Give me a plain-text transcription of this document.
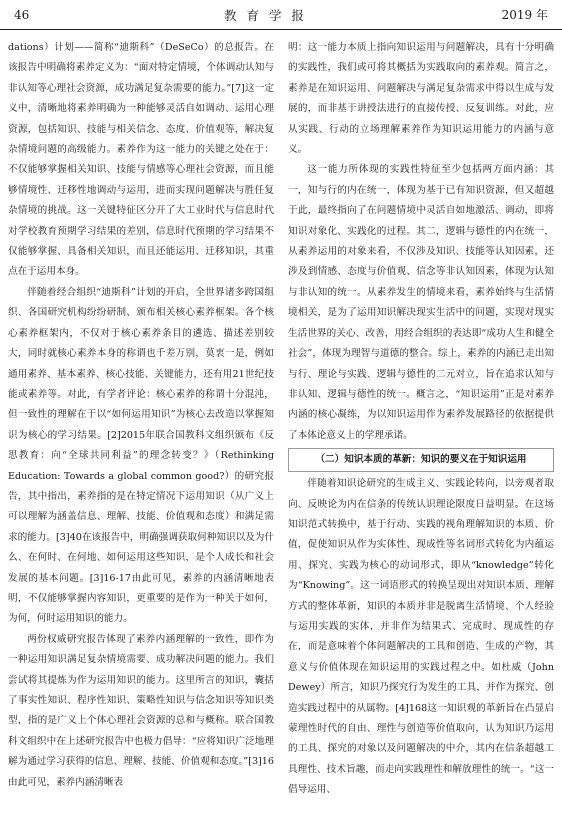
46	教 育 学 报	2019 年

dations）计划——简称“迪斯科”（DeSeCo）的总报告。在该报告中明确将素养定义为：“面对特定情境，个体调动认知与非认知等心理社会资源，成功满足复杂需要的能力。”[7]这一定义中，清晰地将素养明确为一种能够灵活自如调动、运用心理资源，包括知识、技能与相关信念、态度、价值观等，解决复杂情境问题的高级能力。素养作为这一能力的关键之处在于：不仅能够掌握相关知识、技能与情感等心理社会资源，而且能够情境性、迁移性地调动与运用，进而实现问题解决与胜任复杂情境的挑战。这一关键特征区分开了大工业时代与信息时代对学校教育预期学习结果的差别，信息时代预期的学习结果不仅能够掌握、具备相关知识，而且还能运用、迁移知识，其重点在于运用本身。

伴随着经合组织“迪斯科”计划的开启，全世界诸多跨国组织、各国研究机构纷纷研制、颁布相关核心素养框架。各个核心素养框架内，不仅对于核心素养条目的遴选、描述差别较大，同时就核心素养本身的称谓也千差万别，莫衷一是，例如通用素养、基本素养、核心技能、关键能力，还有用21世纪技能或素养等。对此，有学者评论：核心素养的称谓十分混沌，但一致性的理解在于以“如何运用知识”为核心去改造以掌握知识为核心的学习结果。[2]2015年联合国教科文组织颁布《反思教育：向“全球共同利益”的理念转变？》（Rethinking Education: Towards a global common good?）的研究报告，其中指出，素养指的是在特定情况下运用知识（从广义上可以理解为涵盖信息、理解、技能、价值观和态度）和满足需求的能力。[3]40在该报告中，明确强调获取何种知识以及为什么、在何时、在何地、如何运用这些知识，是个人成长和社会发展的基本问题。[3]16-17由此可见，素养的内涵清晰地表明，不仅能够掌握内容知识，更重要的是作为一种关于如何，为何，何时运用知识的能力。

两份权威研究报告体现了素养内涵理解的一致性，即作为一种运用知识满足复杂情境需要、成功解决问题的能力。我们尝试将其提炼为作为运用知识的能力。这里所言的知识，囊括了事实性知识、程序性知识、策略性知识与信念知识等知识类型，指的是广义上个体心理社会资源的总和与概称。联合国教科文组织中在上述研究报告中也极力倡导：“应将知识广泛地理解为通过学习获得的信息、理解、技能、价值观和态度。”[3]16由此可见，素养内涵清晰表

明：这一能力本质上指向知识运用与问题解决，具有十分明确的实践性，我们或可将其概括为实践取向的素养观。简言之，素养是在知识运用、问题解决与满足复杂需求中得以生成与发展的，而非基于讲授法进行的直接传授、反复训练。对此，应从实践、行动的立场理解素养作为知识运用能力的内涵与意义。

这一能力所体现的实践性特征至少包括两方面内涵：其一，知与行的内在统一，体现为基于已有知识资源，但又超越于此，最终指向了在问题情境中灵活自如地激活、调动，即将知识对象化、实践化的过程。其二，逻辑与德性的内在统一，从素养运用的对象来看，不仅涉及知识、技能等认知因素，还涉及到情感、态度与价值观、信念等非认知因素，体现为认知与非认知的统一。从素养发生的情境来看，素养始终与生活情境相关，是为了运用知识解决现实生活中的问题，实现对现实生活世界的关心、改善，用经合组织的表达即“成功人生和健全社会”，体现为理智与道德的整合。综上，素养的内涵已走出知与行、理论与实践、逻辑与德性的二元对立，旨在追求认知与非认知、逻辑与德性的统一。概言之，“知识运用”正是对素养内涵的核心凝练，为以知识运用作为素养发展路径的依据提供了本体论意义上的学理承诺。

（二）知识本质的革新：知识的要义在于知识运用

伴随着知识论研究的生成主义、实践论转向，以旁观者取向、反映论为内在信条的传统认识理论限度日益明显。在这场知识范式转换中，基于行动、实践的视角理解知识的本质、价值，促使知识从作为实体性、现成性等名词形式转化为内蕴运用、探究、实践为核心的动词形式，即从“knowledge”转化为“Knowing”。这一词语形式的转换呈现出对知识本质、理解方式的整体革新，知识的本质并非是脱离生活情境、个人经验与运用实践的实体，并非作为结果式、完成时、现成性的存在，而是意味着个体问题解决的工具和创造、生成的产物，其意义与价值体现在知识运用的实践过程之中。如杜威（John Dewey）所言，知识乃探究行为发生的工具，并作为探究、创造实践过程中的从属物。[4]168这一知识观的革新旨在凸显启蒙理性时代的自由、理性与创造等价值取向，认为知识乃运用的工具、探究的对象以及问题解决的中介，其内在信条超越工具理性、技术旨趣，而走向实践理性和解放理性的统一。“这一倡导运用、
